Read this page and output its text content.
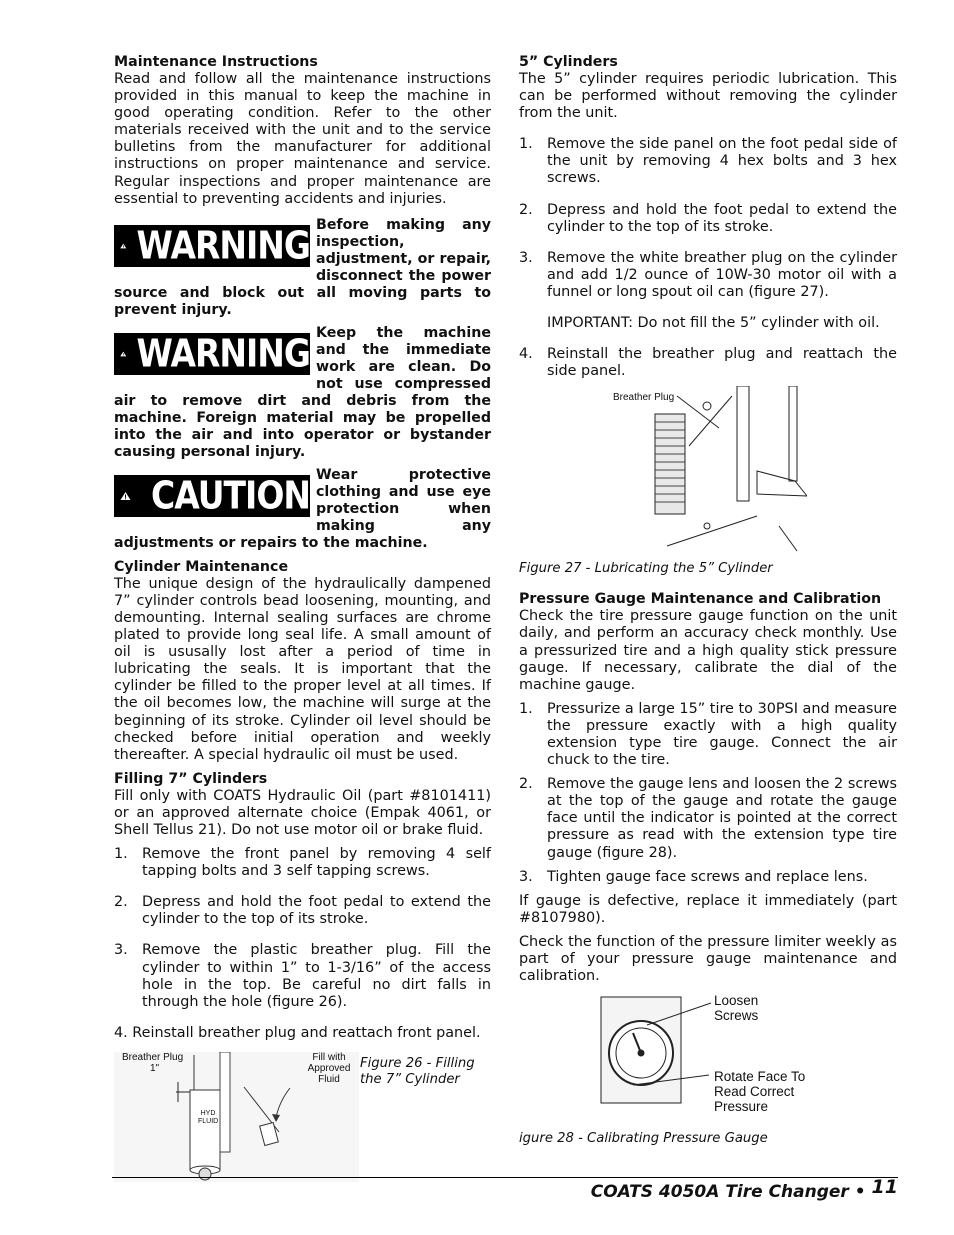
Maintenance Instructions

Read and follow all the maintenance instructions provided in this manual to keep the machine in good operating condition. Refer to the other materials received with the unit and to the service bulletins from the manufacturer for additional instructions on proper maintenance and service. Regular inspections and proper maintenance are essential to preventing accidents and injuries.

WARNING Before making any inspection, adjustment, or repair, disconnect the power source and block out all moving parts to prevent injury.
WARNING Keep the machine and the immediate work are clean. Do not use compressed air to remove dirt and debris from the machine. Foreign material may be propelled into the air and into operator or bystander causing personal injury.
CAUTION Wear protective clothing and use eye protection when making any adjustments or repairs to the machine.
Cylinder Maintenance

The unique design of the hydraulically dampened 7” cylinder controls bead loosening, mounting, and demounting. Internal sealing surfaces are chrome plated to provide long seal life. A small amount of oil is ususally lost after a period of time in lubricating the seals. It is important that the cylinder be filled to the proper level at all times. If the oil becomes low, the machine will surge at the beginning of its stroke. Cylinder oil level should be checked before initial operation and weekly thereafter. A special hydraulic oil must be used.

Filling 7” Cylinders

Fill only with COATS Hydraulic Oil (part #8101411) or an approved alternate choice (Empak 4061, or Shell Tellus 21). Do not use motor oil or brake fluid.

1. Remove the front panel by removing 4 self tapping bolts and 3 self tapping screws.
2. Depress and hold the foot pedal to extend the cylinder to the top of its stroke.
3. Remove the plastic breather plug. Fill the cylinder to within 1” to 1-3/16” of the access hole in the top. Be careful no dirt falls in through the hole (figure 26).

4. Reinstall breather plug and reattach front panel.

Breather Plug
1"
Fill with Approved Fluid
HYD FLUID
Figure 26 - Filling the 7” Cylinder
5” Cylinders

The 5” cylinder requires periodic lubrication. This can be performed without removing the cylinder from the unit.

1. Remove the side panel on the foot pedal side of the unit by removing 4 hex bolts and 3 hex screws.
2. Depress and hold the foot pedal to extend the cylinder to the top of its stroke.
3. Remove the white breather plug on the cylinder and add 1/2 ounce of 10W-30 motor oil with a funnel or long spout oil can (figure 27).

IMPORTANT: Do not fill the 5” cylinder with oil.

4. Reinstall the breather plug and reattach the side panel.
Breather Plug
Figure 27 - Lubricating the 5” Cylinder
Pressure Gauge Maintenance and Calibration

Check the tire pressure gauge function on the unit daily, and perform an accuracy check monthly. Use a pressurized tire and a high quality stick pressure gauge. If necessary, calibrate the dial of the machine gauge.

1. Pressurize a large 15” tire to 30PSI and measure the pressure exactly with a high quality extension type tire gauge. Connect the air chuck to the tire.
2. Remove the gauge lens and loosen the 2 screws at the top of the gauge and rotate the gauge face until the indicator is pointed at the correct pressure as read with the extension type tire gauge (figure 28).
3. Tighten gauge face screws and replace lens.

If gauge is defective, replace it immediately (part #8107980).

Check the function of the pressure limiter weekly as part of your pressure gauge maintenance and calibration.

Loosen Screws
Rotate Face To Read Correct Pressure
igure 28 - Calibrating Pressure Gauge
COATS 4050A Tire Changer • 11
